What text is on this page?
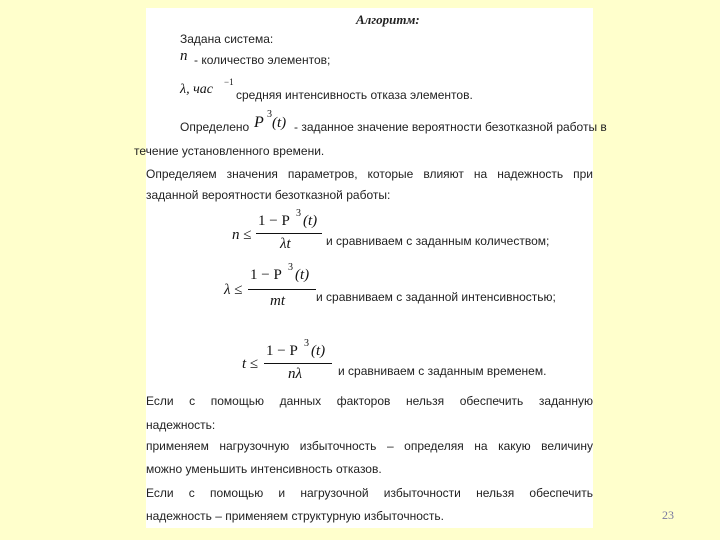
Алгоритм:
Задана система:
n - количество элементов;
λ, час −1
средняя интенсивность отказа элементов.
Определено P 3
(t) - заданное значение вероятности безотказной работы в
течение установленного времени.
Определяем значения параметров, которые влияют на надежность при
заданной вероятности безотказной работы:
n ≤
1 − P 3 (t)
λt	и сравниваем с заданным количеством;
λ ≤
1 − P 3 (t)
mt	и сравниваем с заданной интенсивностью;
t ≤
1 − P 3 (t)
nλ	и сравниваем с заданным временем.
Если с помощью данных факторов нельзя обеспечить заданную
надежность:
применяем нагрузочную избыточность – определяя на какую величину
можно уменьшить интенсивность отказов.
Если с помощью и нагрузочной избыточности нельзя обеспечить
надежность – применяем структурную избыточность.	23
